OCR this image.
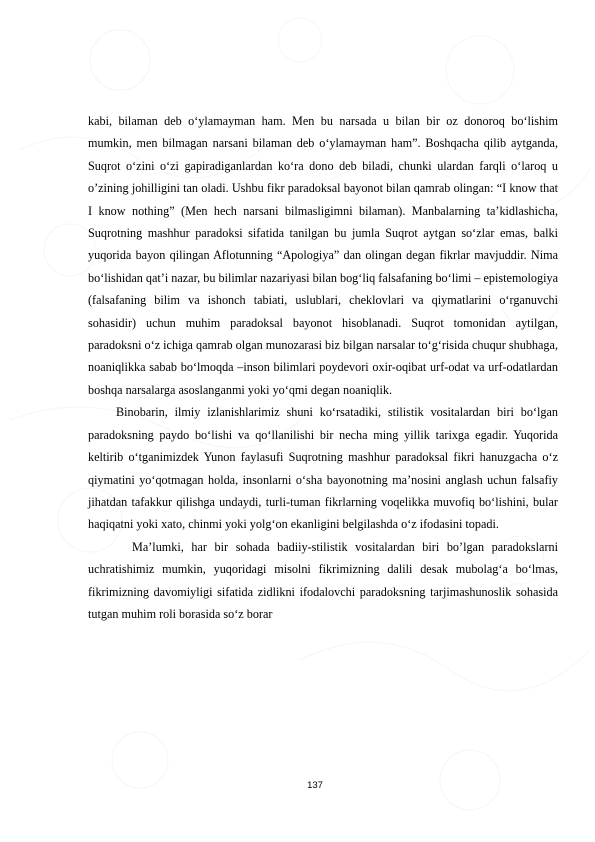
kabi, bilaman deb o‘ylamayman ham. Men bu narsada u bilan bir oz donoroq bo‘lishim mumkin, men bilmagan narsani bilaman deb o‘ylamayman ham”. Boshqacha qilib aytganda, Suqrot o‘zini o‘zi gapiradiganlardan ko‘ra dono deb biladi, chunki ulardan farqli o‘laroq u o’zining johilligini tan oladi. Ushbu fikr paradoksal bayonot bilan qamrab olingan: “I know that I know nothing” (Men hech narsani bilmasligimni bilaman). Manbalarning ta’kidlashicha, Suqrotning mashhur paradoksi sifatida tanilgan bu jumla Suqrot aytgan so‘zlar emas, balki yuqorida bayon qilingan Aflotunning “Apologiya” dan olingan degan fikrlar mavjuddir. Nima bo‘lishidan qat’i nazar, bu bilimlar nazariyasi bilan bog‘liq falsafaning bo‘limi – epistemologiya (falsafaning bilim va ishonch tabiati, uslublari, cheklovlari va qiymatlarini o‘rganuvchi sohasidir) uchun muhim paradoksal bayonot hisoblanadi. Suqrot tomonidan aytilgan, paradoksni o‘z ichiga qamrab olgan munozarasi biz bilgan narsalar to‘g‘risida chuqur shubhaga, noaniqlikka sabab bo‘lmoqda –inson bilimlari poydevori oxir-oqibat urf-odat va urf-odatlardan boshqa narsalarga asoslanganmi yoki yo‘qmi degan noaniqlik.

Binobarin, ilmiy izlanishlarimiz shuni ko‘rsatadiki, stilistik vositalardan biri bo‘lgan paradoksning paydo bo‘lishi va qo‘llanilishi bir necha ming yillik tarixga egadir. Yuqorida keltirib o‘tganimizdek Yunon faylasufi Suqrotning mashhur paradoksal fikri hanuzgacha o‘z qiymatini yo‘qotmagan holda, insonlarni o‘sha bayonotning ma’nosini anglash uchun falsafiy jihatdan tafakkur qilishga undaydi, turli-tuman fikrlarning voqelikka muvofiq bo‘lishini, bular haqiqatni yoki xato, chinmi yoki yolg‘on ekanligini belgilashda o‘z ifodasini topadi.

Ma’lumki, har bir sohada badiiy-stilistik vositalardan biri bo’lgan paradokslarni uchratishimiz mumkin, yuqoridagi misolni fikrimizning dalili desak mubolag‘a bo‘lmas, fikrimizning davomiyligi sifatida zidlikni ifodalovchi paradoksning tarjimashunoslik sohasida tutgan muhim roli borasida so‘z borar

137
